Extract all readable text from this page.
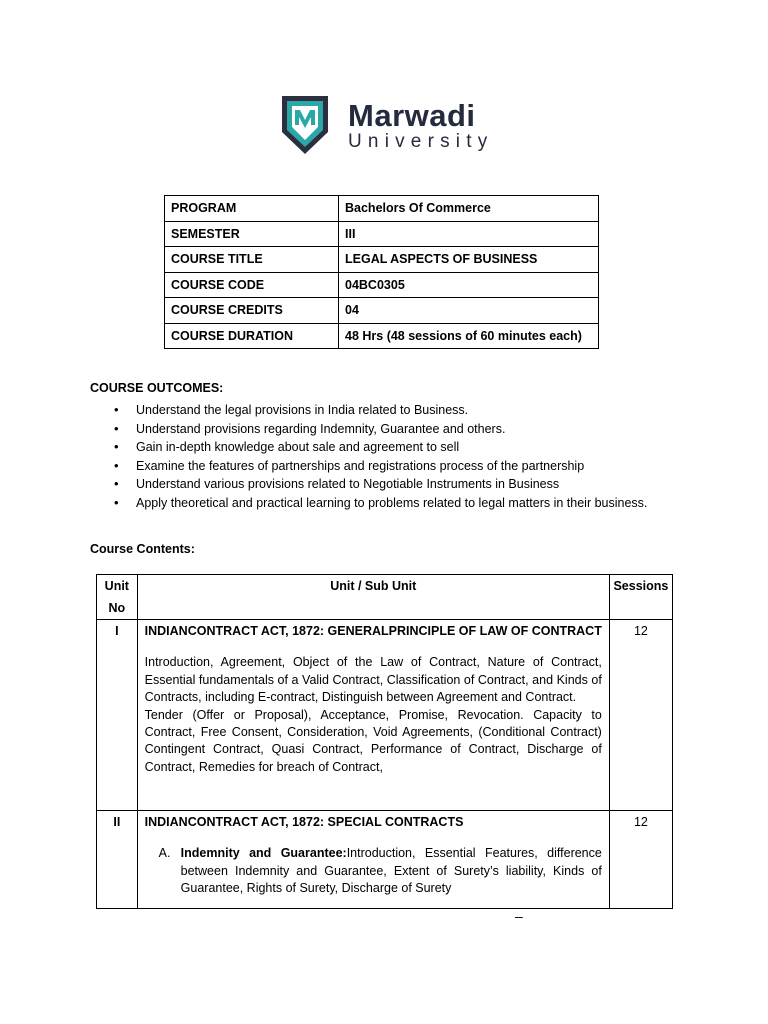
Marwadi
University
PROGRAM	Bachelors Of Commerce
SEMESTER	III
COURSE TITLE	LEGAL ASPECTS OF BUSINESS
COURSE CODE	04BC0305
COURSE CREDITS	04
COURSE DURATION	48 Hrs (48 sessions of 60 minutes each)
COURSE OUTCOMES:
• Understand the legal provisions in India related to Business.
• Understand provisions regarding Indemnity, Guarantee and others.
• Gain in-depth knowledge about sale and agreement to sell
• Examine the features of partnerships and registrations process of the partnership
• Understand various provisions related to Negotiable Instruments in Business
• Apply theoretical and practical learning to problems related to legal matters in their business.
Course Contents:
Unit No	Unit / Sub Unit	Sessions
I	INDIANCONTRACT ACT, 1872: GENERALPRINCIPLE OF LAW OF CONTRACT
Introduction, Agreement, Object of the Law of Contract, Nature of Contract, Essential fundamentals of a Valid Contract, Classification of Contract, and Kinds of Contracts, including E-contract, Distinguish between Agreement and Contract.
Tender (Offer or Proposal), Acceptance, Promise, Revocation. Capacity to Contract, Free Consent, Consideration, Void Agreements, (Conditional Contract) Contingent Contract, Quasi Contract, Performance of Contract, Discharge of Contract, Remedies for breach of Contract,	12
II	INDIANCONTRACT ACT, 1872: SPECIAL CONTRACTS
A. Indemnity and Guarantee:Introduction, Essential Features, difference between Indemnity and Guarantee, Extent of Surety’s liability, Kinds of Guarantee, Rights of Surety, Discharge of Surety	12
–
